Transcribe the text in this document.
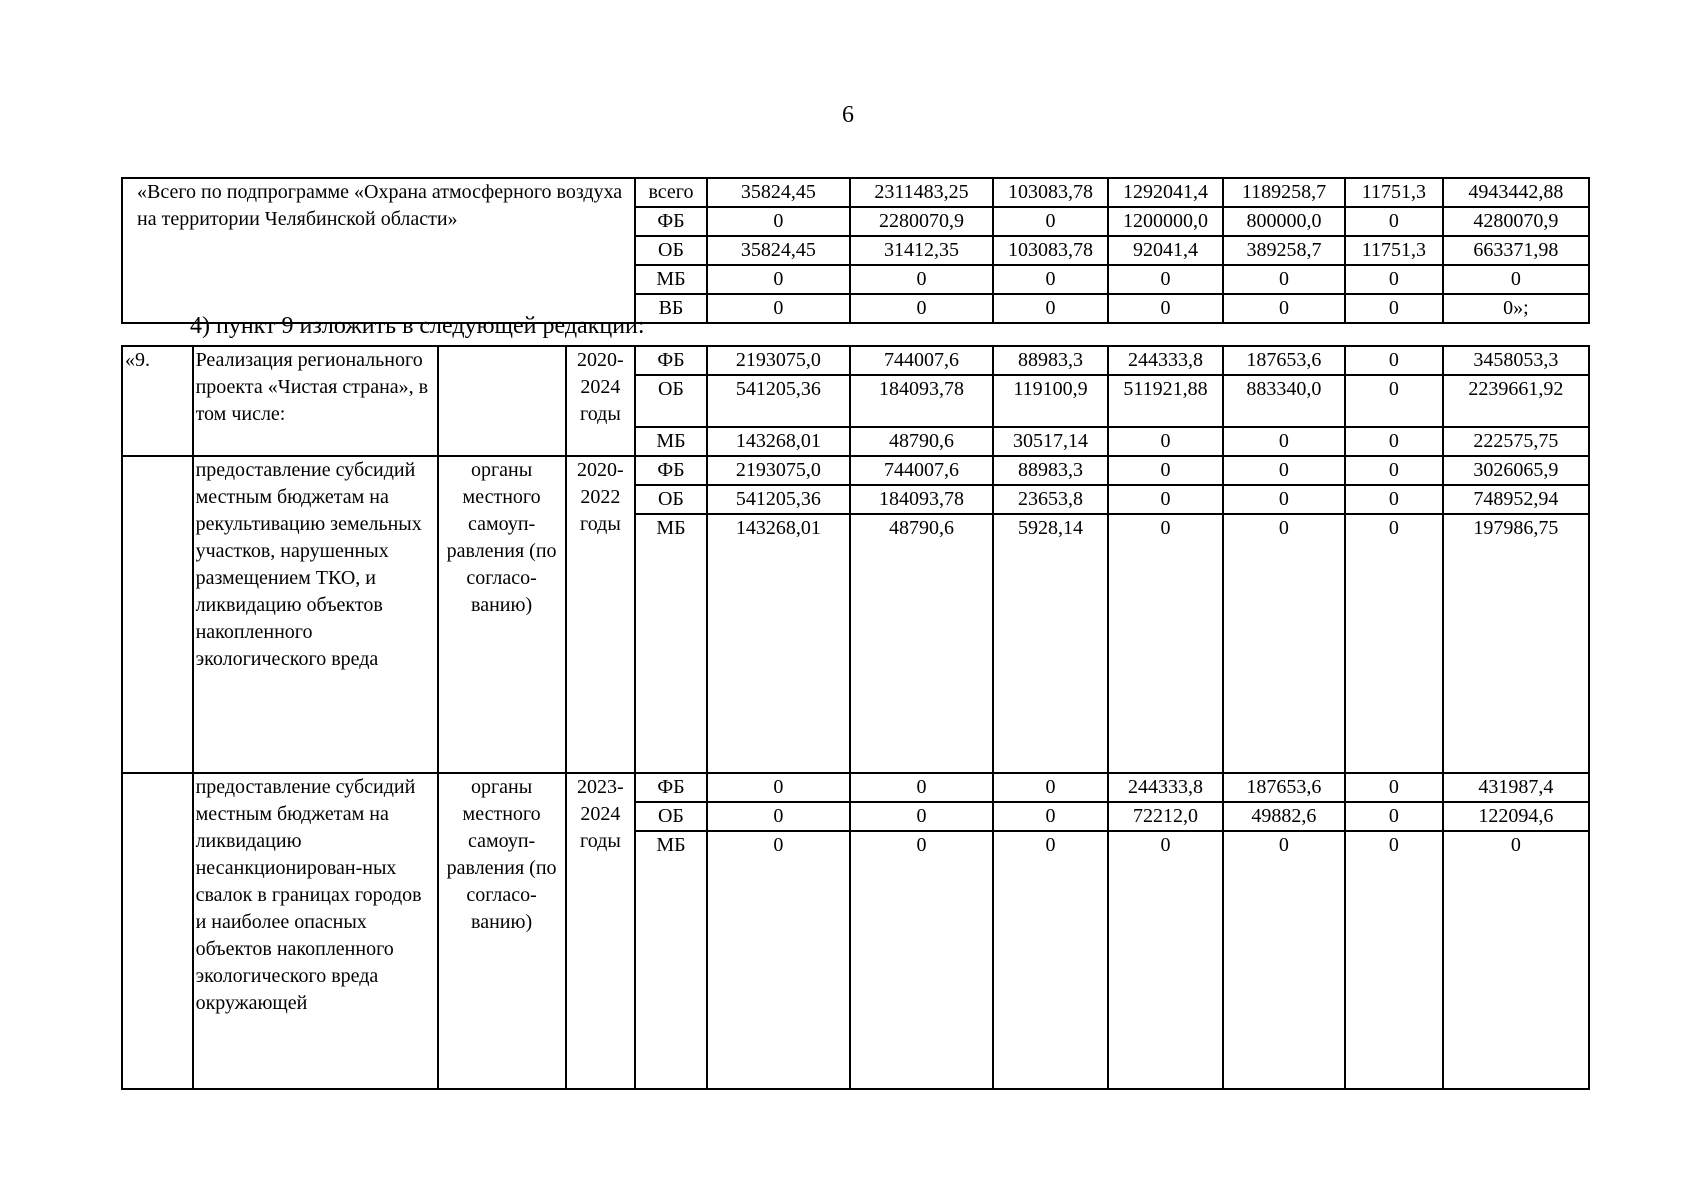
6
«Всего по подпрограмме «Охрана атмосферного воздуха на территории Челябинской области»	всего	35824,45	2311483,25	103083,78	1292041,4	1189258,7	11751,3	4943442,88
	ФБ	0	2280070,9	0	1200000,0	800000,0	0	4280070,9
	ОБ	35824,45	31412,35	103083,78	92041,4	389258,7	11751,3	663371,98
	МБ	0	0	0	0	0	0	0
	ВБ	0	0	0	0	0	0	0»;
4) пункт 9 изложить в следующей редакции:
«9.	Реализация регионального проекта «Чистая страна», в том числе:		2020-2024 годы	ФБ	2193075,0	744007,6	88983,3	244333,8	187653,6	0	3458053,3
				ОБ	541205,36	184093,78	119100,9	511921,88	883340,0	0	2239661,92
				МБ	143268,01	48790,6	30517,14	0	0	0	222575,75
	предоставление субсидий местным бюджетам на рекультивацию земельных участков, нарушенных размещением ТКО, и ликвидацию объектов накопленного экологического вреда	органы местного самоуп-равления (по согласо-ванию)	2020-2022 годы	ФБ	2193075,0	744007,6	88983,3	0	0	0	3026065,9
				ОБ	541205,36	184093,78	23653,8	0	0	0	748952,94
				МБ	143268,01	48790,6	5928,14	0	0	0	197986,75
	предоставление субсидий местным бюджетам на ликвидацию несанкционирован-ных свалок в границах городов и наиболее опасных объектов накопленного экологического вреда окружающей	органы местного самоуп-равления (по согласо-ванию)	2023-2024 годы	ФБ	0	0	0	244333,8	187653,6	0	431987,4
				ОБ	0	0	0	72212,0	49882,6	0	122094,6
				МБ	0	0	0	0	0	0	0
